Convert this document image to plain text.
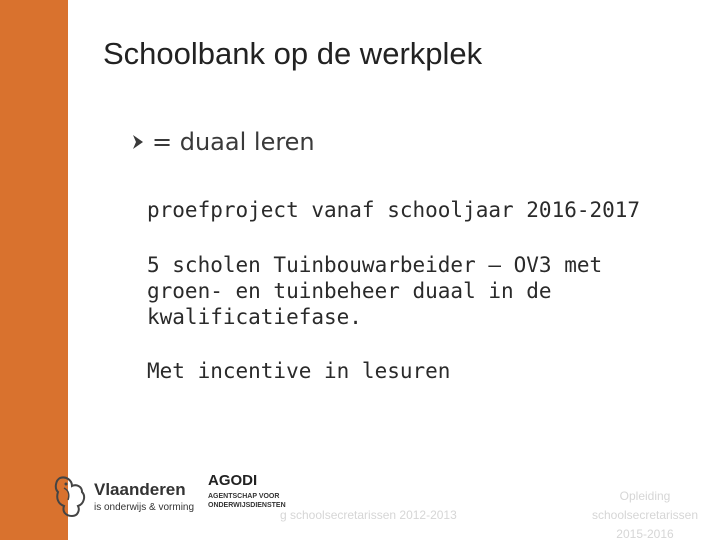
Schoolbank op de werkplek
= duaal leren
proefproject vanaf schooljaar 2016-2017
5 scholen Tuinbouwarbeider – OV3 met
groen- en tuinbeheer duaal in de
kwalificatiefase.
Met incentive in lesuren
Vlaanderen
is onderwijs & vorming
AGODI
AGENTSCHAP VOOR
ONDERWIJSDIENSTEN
g schoolsecretarissen 2012-2013
Opleiding
schoolsecretarissen
2015-2016
